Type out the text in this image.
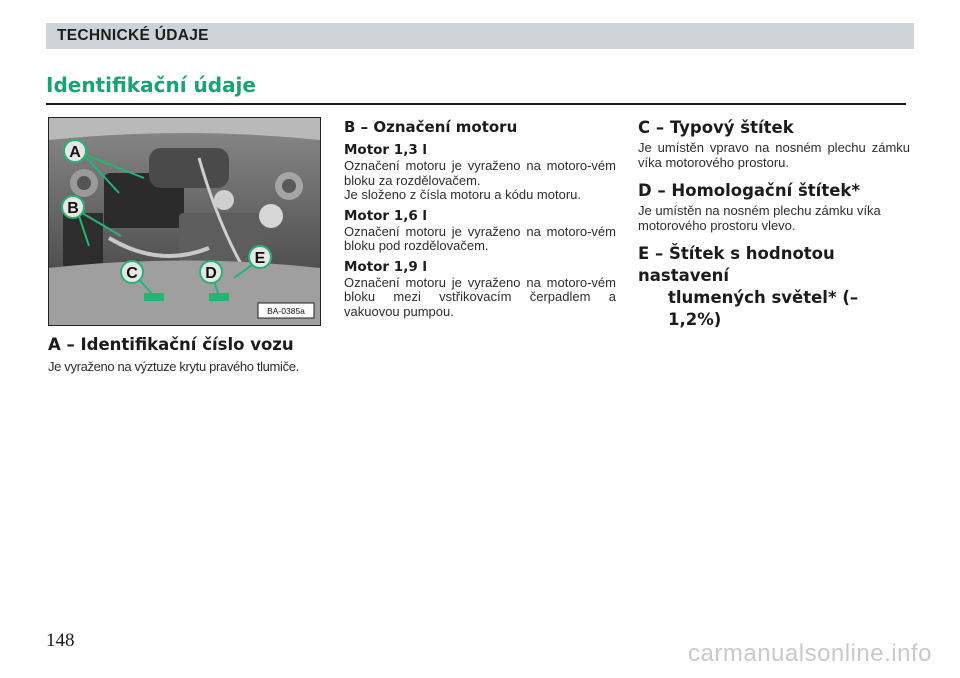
TECHNICKÉ ÚDAJE
Identifikační údaje
A
B
C	D
E
BA-0385a
A – Identifikační číslo vozu

Je vyraženo na výztuze krytu pravého tlumiče.

B – Označení motoru
Motor 1,3 l

Označení motoru je vyraženo na motoro-vém bloku za rozdělovačem.

Je složeno z čísla motoru a kódu motoru.

Motor 1,6 l

Označení motoru je vyraženo na motoro-vém bloku pod rozdělovačem.

Motor 1,9 l

Označení motoru je vyraženo na motoro-vém bloku mezi vstřikovacím čerpadlem a vakuovou pumpou.

C – Typový štítek

Je umístěn vpravo na nosném plechu zámku víka motorového prostoru.

D – Homologační štítek*

Je umístěn na nosném plechu zámku víka motorového prostoru vlevo.

E – Štítek s hodnotou nastavení
tlumených světel* (–1,2%)
148	carmanualsonline.info
